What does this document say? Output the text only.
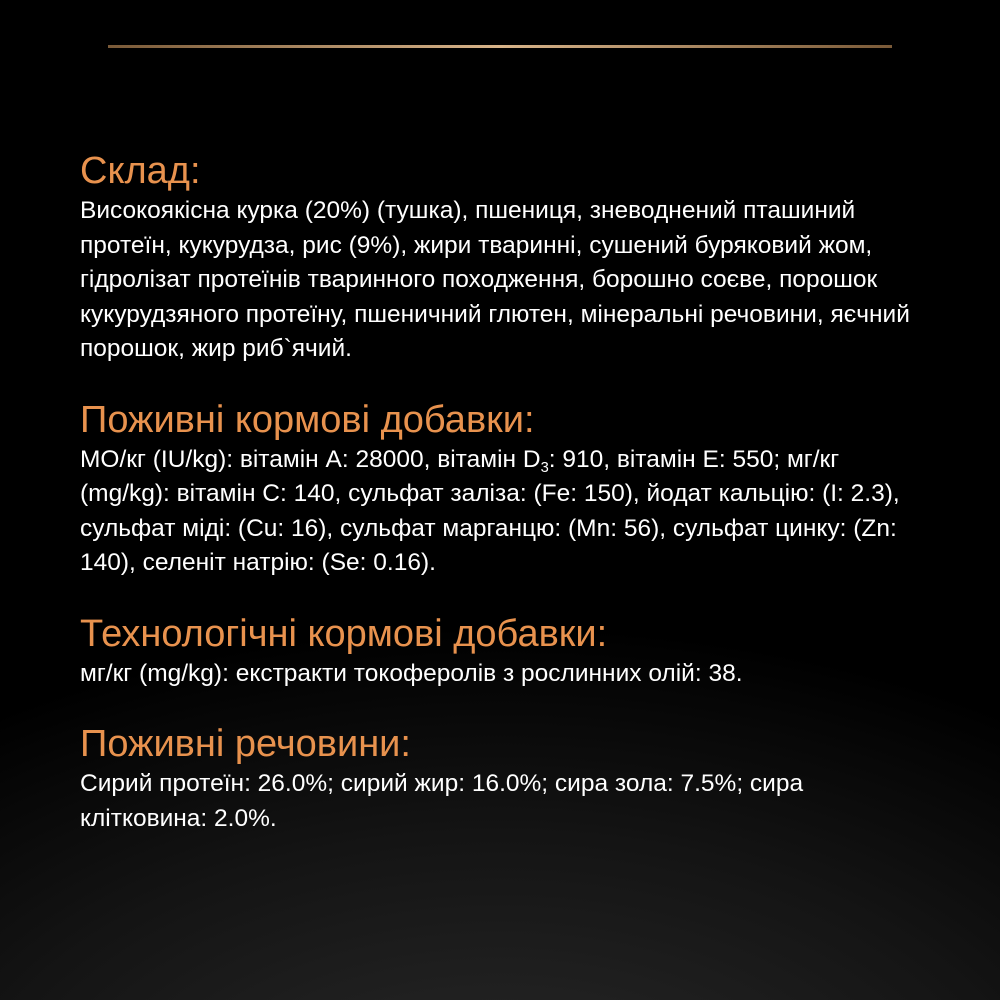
Склад:

Високоякісна курка (20%) (тушка), пшениця, зневоднений пташиний протеїн, кукурудза, рис (9%), жири тваринні, сушений буряковий жом, гідролізат протеїнів тваринного походження, борошно соєве, порошок кукурудзяного протеїну, пшеничний глютен, мінеральні речовини, яєчний порошок, жир риб`ячий.

Поживні кормові добавки:

МО/кг (IU/kg): вітамін A: 28000, вітамін $D_3$: 910, вітамін E: 550; мг/кг (mg/kg): вітамін C: 140, сульфат заліза: (Fe: 150), йодат кальцію: (I: 2.3), сульфат міді: (Cu: 16), сульфат марганцю: (Mn: 56), сульфат цинку: (Zn: 140), селеніт натрію: (Se: 0.16).

Технологічні кормові добавки:

мг/кг (mg/kg): екстракти токоферолів з рослинних олій: 38.

Поживні речовини:

Сирий протеїн: 26.0%; сирий жир: 16.0%; сира зола: 7.5%; сира клітковина: 2.0%.
